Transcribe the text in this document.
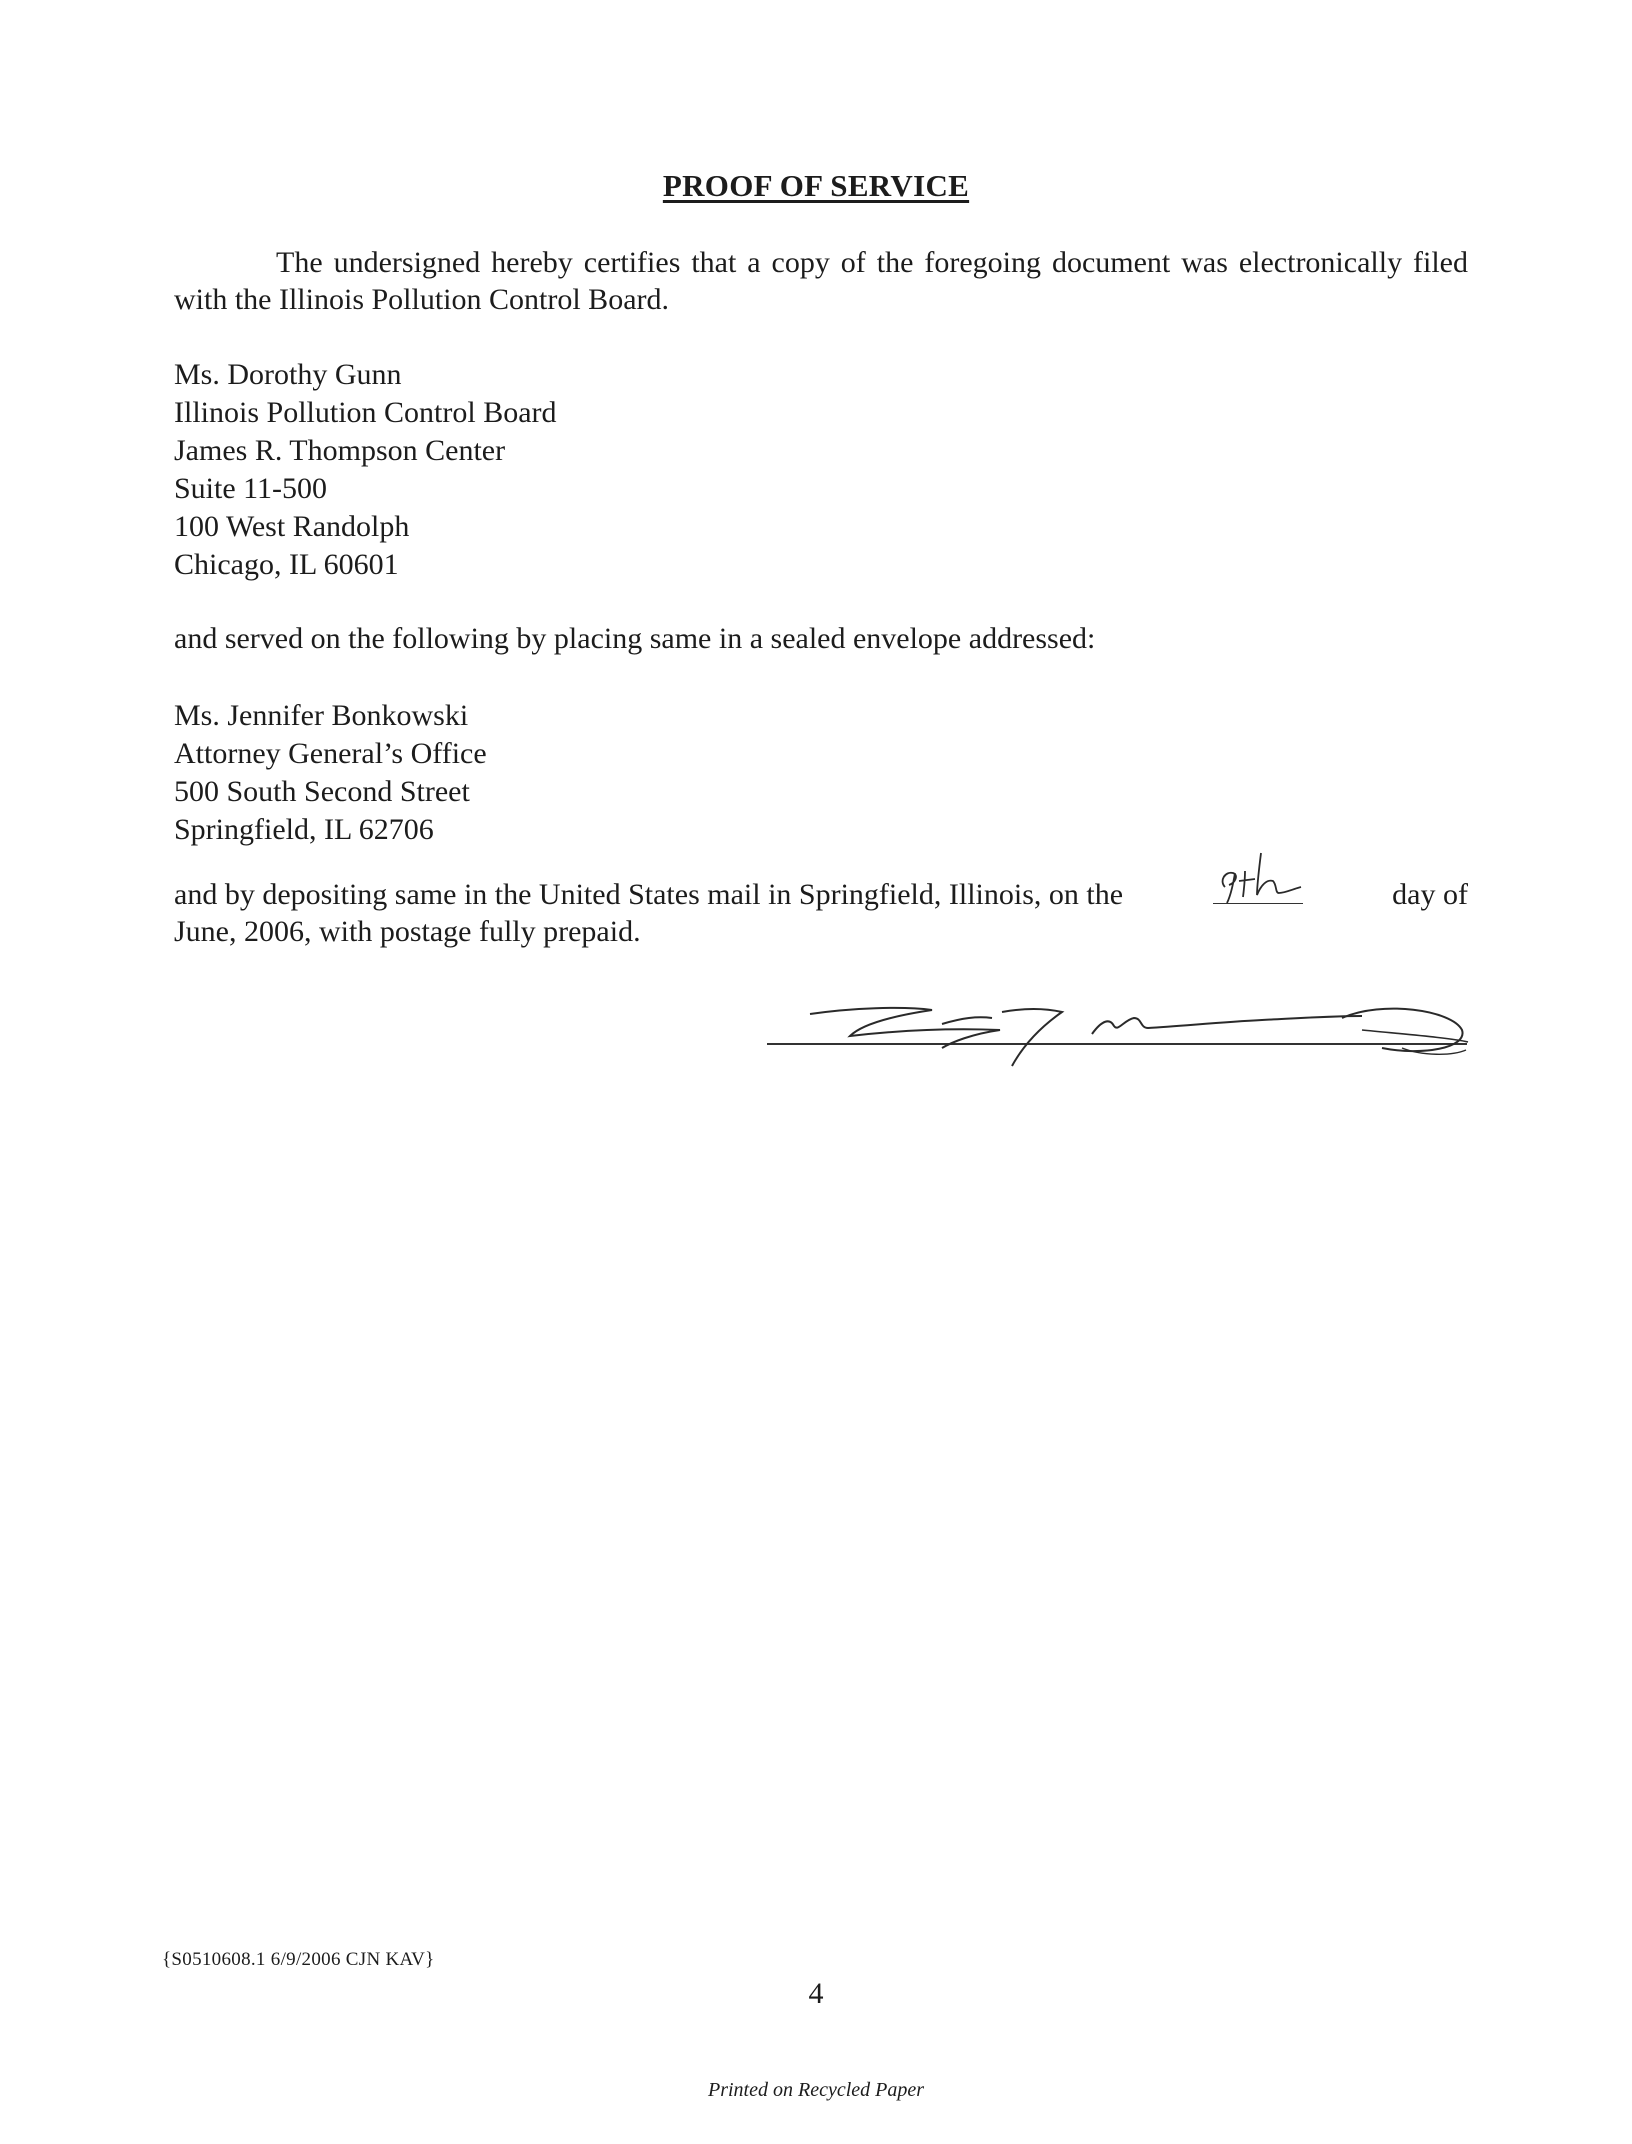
PROOF OF SERVICE
The undersigned hereby certifies that a copy of the foregoing document was electronically filed with the Illinois Pollution Control Board.
Ms. Dorothy Gunn
Illinois Pollution Control Board
James R. Thompson Center
Suite 11-500
100 West Randolph
Chicago, IL 60601
and served on the following by placing same in a sealed envelope addressed:
Ms. Jennifer Bonkowski
Attorney General’s Office
500 South Second Street
Springfield, IL 62706
and by depositing same in the United States mail in Springfield, Illinois, on the	day of
June, 2006, with postage fully prepaid.
{S0510608.1 6/9/2006 CJN KAV}
4
Printed on Recycled Paper
